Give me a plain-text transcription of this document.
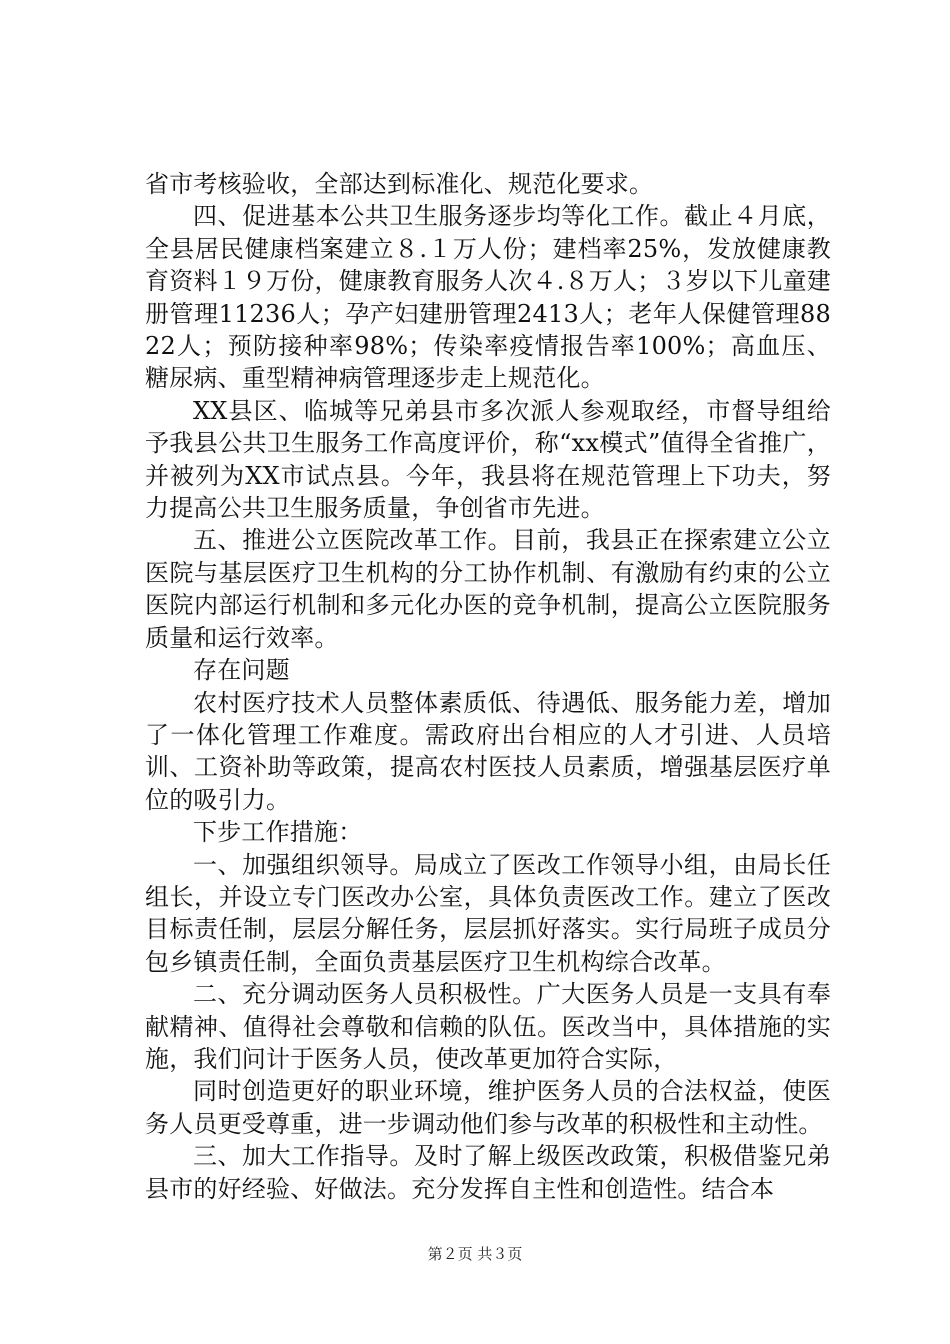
省市考核验收，全部达到标准化、规范化要求。

四、促进基本公共卫生服务逐步均等化工作。截止４月底，全县居民健康档案建立８.１万人份；建档率25%，发放健康教育资料１９万份，健康教育服务人次４.８万人；３岁以下儿童建册管理11236人；孕产妇建册管理2413人；老年人保健管理8822人；预防接种率98%；传染率疫情报告率100%；高血压、糖尿病、重型精神病管理逐步走上规范化。

XX县区、临城等兄弟县市多次派人参观取经，市督导组给予我县公共卫生服务工作高度评价，称“xx模式”值得全省推广，并被列为XX市试点县。今年，我县将在规范管理上下功夫，努力提高公共卫生服务质量，争创省市先进。

五、推进公立医院改革工作。目前，我县正在探索建立公立医院与基层医疗卫生机构的分工协作机制、有激励有约束的公立医院内部运行机制和多元化办医的竞争机制，提高公立医院服务质量和运行效率。

存在问题

农村医疗技术人员整体素质低、待遇低、服务能力差，增加了一体化管理工作难度。需政府出台相应的人才引进、人员培训、工资补助等政策，提高农村医技人员素质，增强基层医疗单位的吸引力。

下步工作措施：

一、加强组织领导。局成立了医改工作领导小组，由局长任组长，并设立专门医改办公室，具体负责医改工作。建立了医改目标责任制，层层分解任务，层层抓好落实。实行局班子成员分包乡镇责任制，全面负责基层医疗卫生机构综合改革。

二、充分调动医务人员积极性。广大医务人员是一支具有奉献精神、值得社会尊敬和信赖的队伍。医改当中，具体措施的实施，我们问计于医务人员，使改革更加符合实际，

同时创造更好的职业环境，维护医务人员的合法权益，使医务人员更受尊重，进一步调动他们参与改革的积极性和主动性。

三、加大工作指导。及时了解上级医改政策，积极借鉴兄弟县市的好经验、好做法。充分发挥自主性和创造性。结合本

第２页 共３页
